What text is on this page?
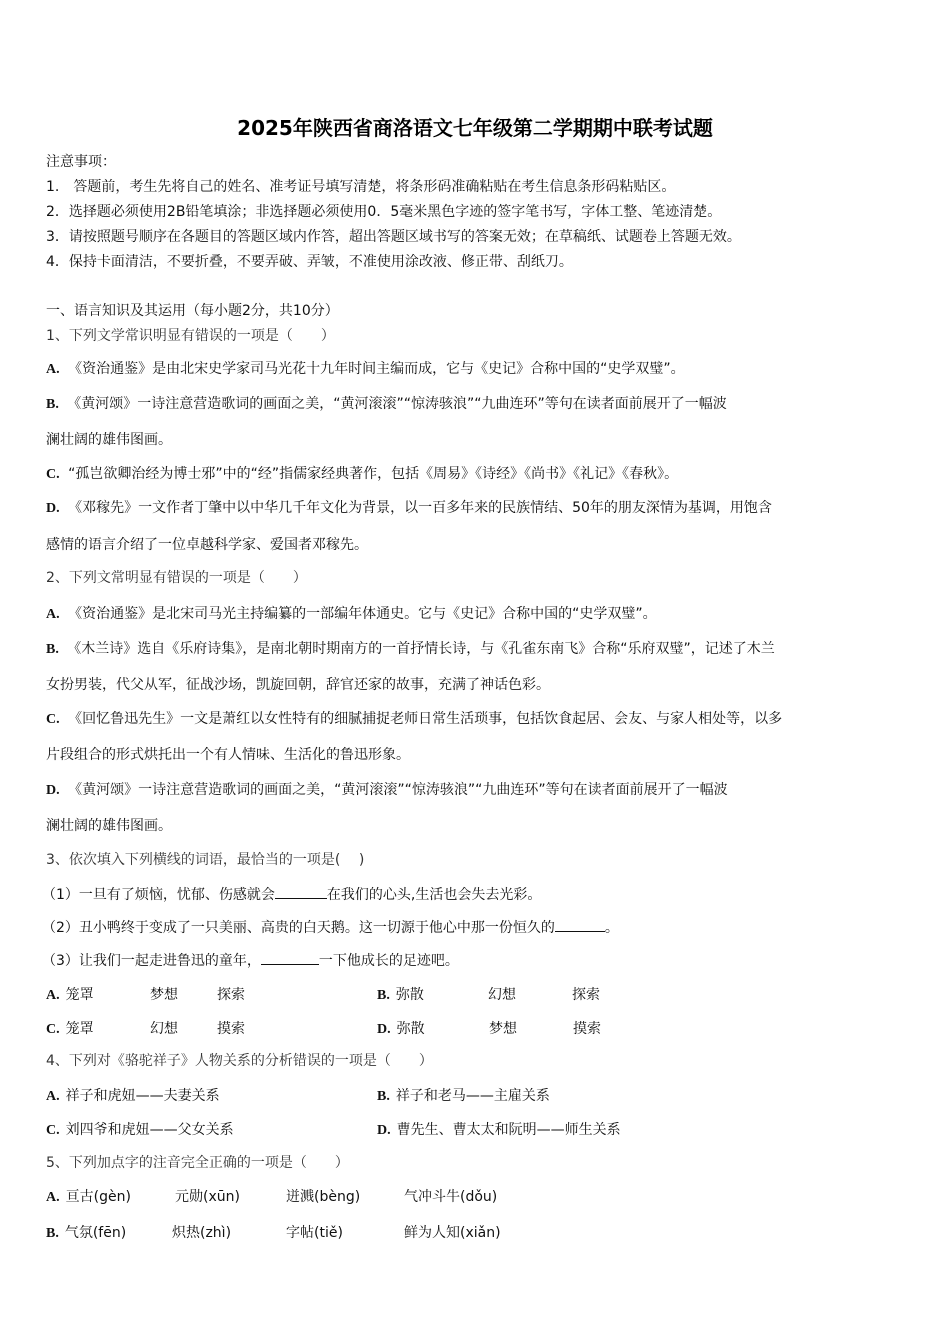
2025年陕西省商洛语文七年级第二学期期中联考试题
注意事项：
1.　答题前，考生先将自己的姓名、准考证号填写清楚，将条形码准确粘贴在考生信息条形码粘贴区。
2．选择题必须使用2B铅笔填涂；非选择题必须使用0．5毫米黑色字迹的签字笔书写，字体工整、笔迹清楚。
3．请按照题号顺序在各题目的答题区域内作答，超出答题区域书写的答案无效；在草稿纸、试题卷上答题无效。
4．保持卡面清洁，不要折叠，不要弄破、弄皱，不准使用涂改液、修正带、刮纸刀。
一、语言知识及其运用（每小题2分，共10分）
1、下列文学常识明显有错误的一项是（　　）
A. 《资治通鉴》是由北宋史学家司马光花十九年时间主编而成，它与《史记》合称中国的“史学双璧”。
B. 《黄河颂》一诗注意营造歌词的画面之美，“黄河滚滚”“惊涛骇浪”“九曲连环”等句在读者面前展开了一幅波
澜壮阔的雄伟图画。
C. “孤岂欲卿治经为博士邪”中的“经”指儒家经典著作，包括《周易》《诗经》《尚书》《礼记》《春秋》。
D. 《邓稼先》一文作者丁肇中以中华几千年文化为背景，以一百多年来的民族情结、50年的朋友深情为基调，用饱含
感情的语言介绍了一位卓越科学家、爱国者邓稼先。
2、下列文常明显有错误的一项是（　　）
A. 《资治通鉴》是北宋司马光主持编纂的一部编年体通史。它与《史记》合称中国的“史学双璧”。
B. 《木兰诗》选自《乐府诗集》，是南北朝时期南方的一首抒情长诗，与《孔雀东南飞》合称“乐府双璧”，记述了木兰
女扮男装，代父从军，征战沙场，凯旋回朝，辞官还家的故事，充满了神话色彩。
C. 《回忆鲁迅先生》一文是萧红以女性特有的细腻捕捉老师日常生活琐事，包括饮食起居、会友、与家人相处等，以多
片段组合的形式烘托出一个有人情味、生活化的鲁迅形象。
D. 《黄河颂》一诗注意营造歌词的画面之美，“黄河滚滚”“惊涛骇浪”“九曲连环”等句在读者面前展开了一幅波
澜壮阔的雄伟图画。
3、依次填入下列横线的词语，最恰当的一项是(　 )
（1）一旦有了烦恼，忧郁、伤感就会	在我们的心头,生活也会失去光彩。
（2）丑小鸭终于变成了一只美丽、高贵的白天鹅。这一切源于他心中那一份恒久的	。
（3）让我们一起走进鲁迅的童年，	一下他成长的足迹吧。
A. 笼罩	梦想	探索	B. 弥散	幻想	探索
C. 笼罩	幻想	摸索	D. 弥散	梦想	摸索
4、下列对《骆驼祥子》人物关系的分析错误的一项是（　　）
A. 祥子和虎妞——夫妻关系	B. 祥子和老马——主雇关系
C. 刘四爷和虎妞——父女关系	D. 曹先生、曹太太和阮明——师生关系
5、下列加点字的注音完全正确的一项是（　　）
A. 亘古(gèn)	元勋(xūn)	迸溅(bèng)	气冲斗牛(dǒu)
B. 气氛(fēn)	炽热(zhì)	字帖(tiě)	鲜为人知(xiǎn)
